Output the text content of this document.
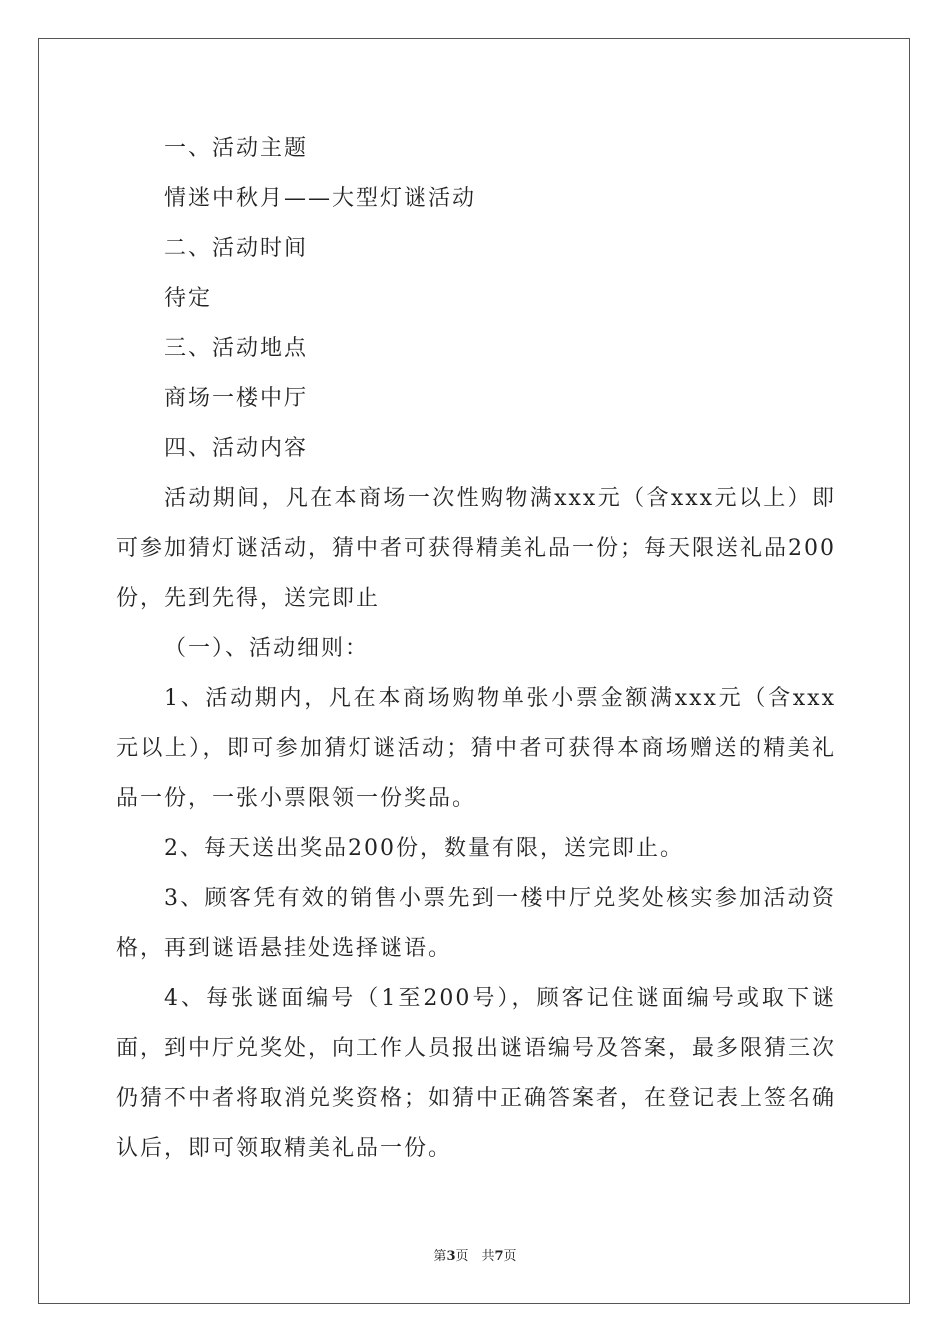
一、活动主题
情迷中秋月——大型灯谜活动
二、活动时间
待定
三、活动地点
商场一楼中厅
四、活动内容

活动期间，凡在本商场一次性购物满xxx元（含xxx元以上）即可参加猜灯谜活动，猜中者可获得精美礼品一份；每天限送礼品200份，先到先得，送完即止

（一）、活动细则：

1、活动期内，凡在本商场购物单张小票金额满xxx元（含xxx元以上），即可参加猜灯谜活动；猜中者可获得本商场赠送的精美礼品一份，一张小票限领一份奖品。

2、每天送出奖品200份，数量有限，送完即止。

3、顾客凭有效的销售小票先到一楼中厅兑奖处核实参加活动资格，再到谜语悬挂处选择谜语。

4、每张谜面编号（1至200号），顾客记住谜面编号或取下谜面，到中厅兑奖处，向工作人员报出谜语编号及答案，最多限猜三次仍猜不中者将取消兑奖资格；如猜中正确答案者，在登记表上签名确认后，即可领取精美礼品一份。

第3页　共7页
